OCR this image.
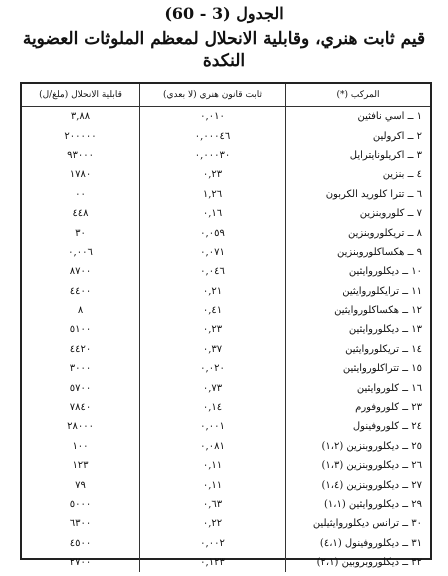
الجدول (3 - 60)
قيم ثابت هنري، وقابلية الانحلال لمعظم الملوثات العضوية النكدة
المركب (*)
ثابت قانون هنري (لا بعدي)
قابلية الانحلال (ملغ/ل)
١ ــ اسي نافثين
٠,٠١٠
٣,٨٨
٢ ــ اكرولين
٠,٠٠٠٤٦
٢٠٠٠٠٠
٣ ــ اكريلونايترايل
٠,٠٠٠٣٠
٩٣٠٠٠
٤ ــ بنزين
٠,٢٣
١٧٨٠
٦ ــ تترا كلوريد الكربون
١,٢٦
٠٠
٧ ــ كلوروبنزين
٠,١٦
٤٤٨
٨ ــ تريكلوروبنزين
٠,٠٥٩
٣٠
٩ ــ هكساكلوروبنزين
٠,٠٧١
٠,٠٠٦
١٠ ــ ديكلوروايثين
٠,٠٤٦
٨٧٠٠
١١ ــ ترايكلوروايثين
٠,٢١
٤٤٠٠
١٢ ــ هكساكلوروايثين
٠,٤١
٨
١٣ ــ ديكلوروايثين
٠,٢٣
٥١٠٠
١٤ ــ تريكلوروايثين
٠,٣٧
٤٤٢٠
١٥ ــ تتراكلوروايثين
٠,٠٢٠
٣٠٠٠
١٦ ــ كلوروايثين
٠,٧٣
٥٧٠٠
٢٣ ــ كلوروفورم
٠,١٤
٧٨٤٠
٢٤ ــ كلوروفينول
٠,٠٠١
٢٨٠٠٠
٢٥ ــ ديكلوروبنزين (١،٢)
٠,٠٨١
١٠٠
٢٦ ــ ديكلوروبنزين (١،٣)
٠,١١
١٢٣
٢٧ ــ ديكلوروبنزين (١،٤)
٠,١١
٧٩
٢٩ ــ ديكلوروايثين (١،١)
٠,٦٣
٥٠٠٠
٣٠ ــ ترانس ديكلوروايثيلين
٠,٢٢
٦٣٠٠
٣١ ــ ديكلوروفينول (٤،١)
٠,٠٠٢
٤٥٠٠
٣٢ ــ ديكلوروبروبين (٢،١)
٠,١٢٣
٢٧٠٠
